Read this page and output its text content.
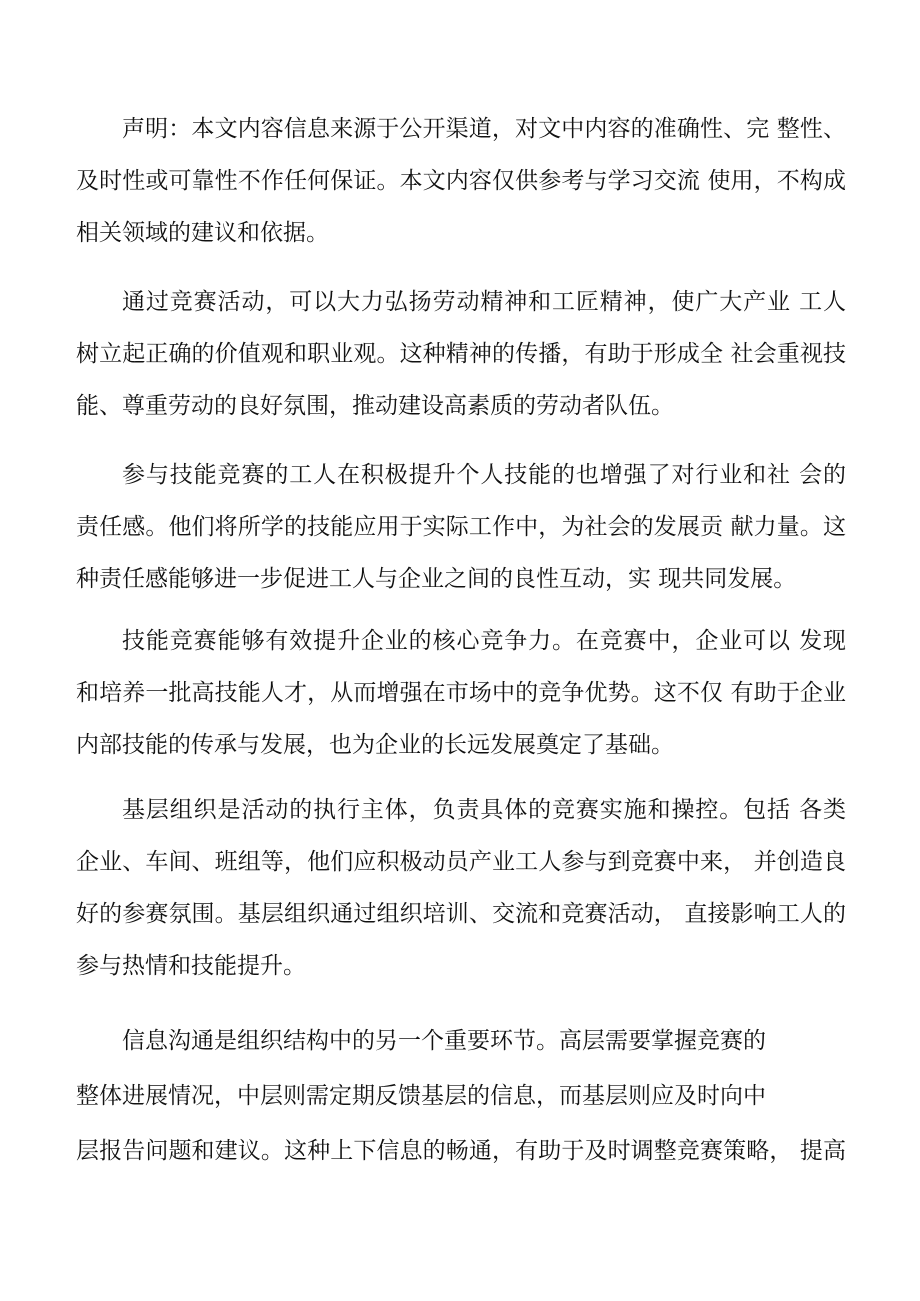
声明：本文内容信息来源于公开渠道，对文中内容的准确性、完 整性、
及时性或可靠性不作任何保证。本文内容仅供参考与学习交流 使用，不构成
相关领域的建议和依据。
通过竞赛活动，可以大力弘扬劳动精神和工匠精神，使广大产业 工人
树立起正确的价值观和职业观。这种精神的传播，有助于形成全 社会重视技
能、尊重劳动的良好氛围，推动建设高素质的劳动者队伍。
参与技能竞赛的工人在积极提升个人技能的也增强了对行业和社 会的
责任感。他们将所学的技能应用于实际工作中，为社会的发展贡 献力量。这
种责任感能够进一步促进工人与企业之间的良性互动，实 现共同发展。
技能竞赛能够有效提升企业的核心竞争力。在竞赛中，企业可以 发现
和培养一批高技能人才，从而增强在市场中的竞争优势。这不仅 有助于企业
内部技能的传承与发展，也为企业的长远发展奠定了基础。
基层组织是活动的执行主体，负责具体的竞赛实施和操控。包括 各类
企业、车间、班组等，他们应积极动员产业工人参与到竞赛中来， 并创造良
好的参赛氛围。基层组织通过组织培训、交流和竞赛活动， 直接影响工人的
参与热情和技能提升。
信息沟通是组织结构中的另一个重要环节。高层需要掌握竞赛的
整体进展情况，中层则需定期反馈基层的信息，而基层则应及时向中
层报告问题和建议。这种上下信息的畅通，有助于及时调整竞赛策略， 提高
